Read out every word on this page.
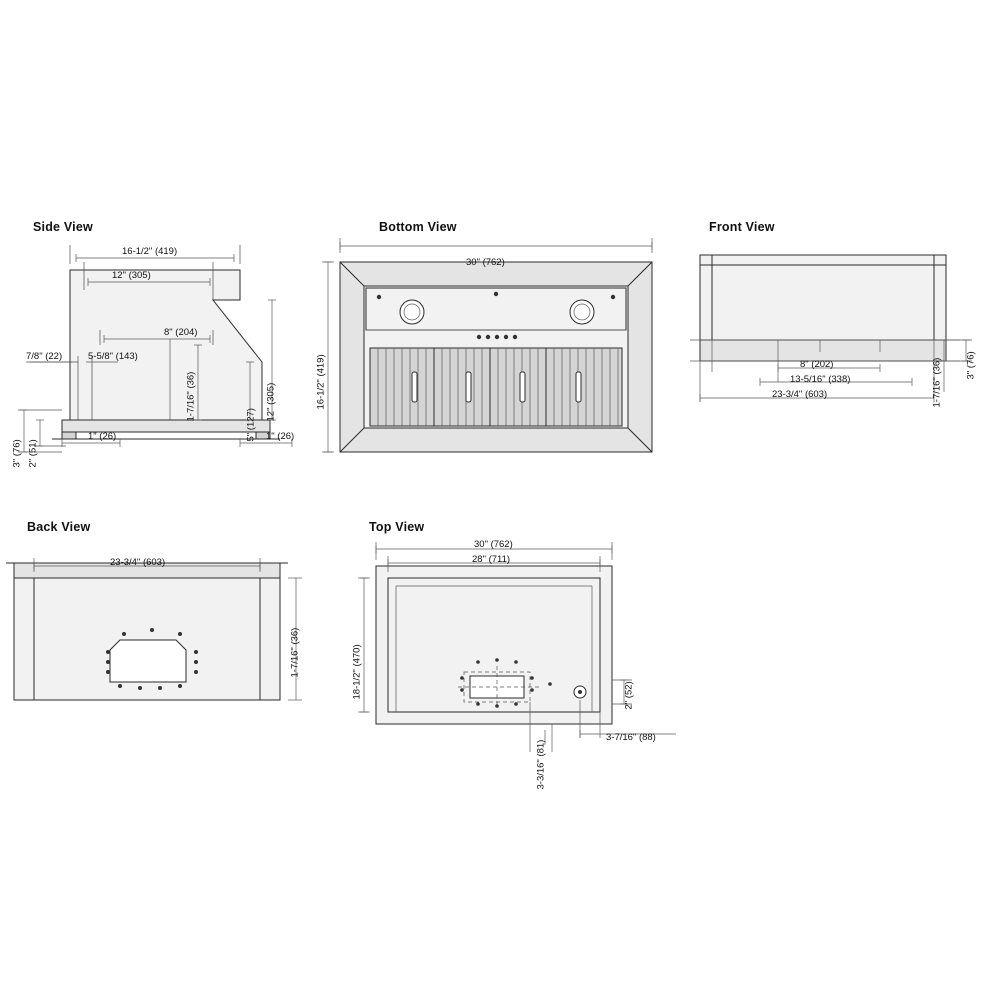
Side View	Bottom View	Front View
Back View	Top View
16-1/2" (419)
12" (305)
8" (204)
7/8" (22)	5-5/8" (143)
1-7/16" (36)	12" (305)
5" (127)
3" (76) 2" (51)
1" (26)	1" (26)
30" (762)
16-1/2" (419)	8" (202)
13-5/16" (338)
23-3/4" (603)
3" (76)
1-7/16" (36)
23-3/4" (603)
1-7/16" (36)
30" (762)
28" (711)
18-1/2" (470)	2" (52)
3-3/16" (81)
3-7/16" (88)
